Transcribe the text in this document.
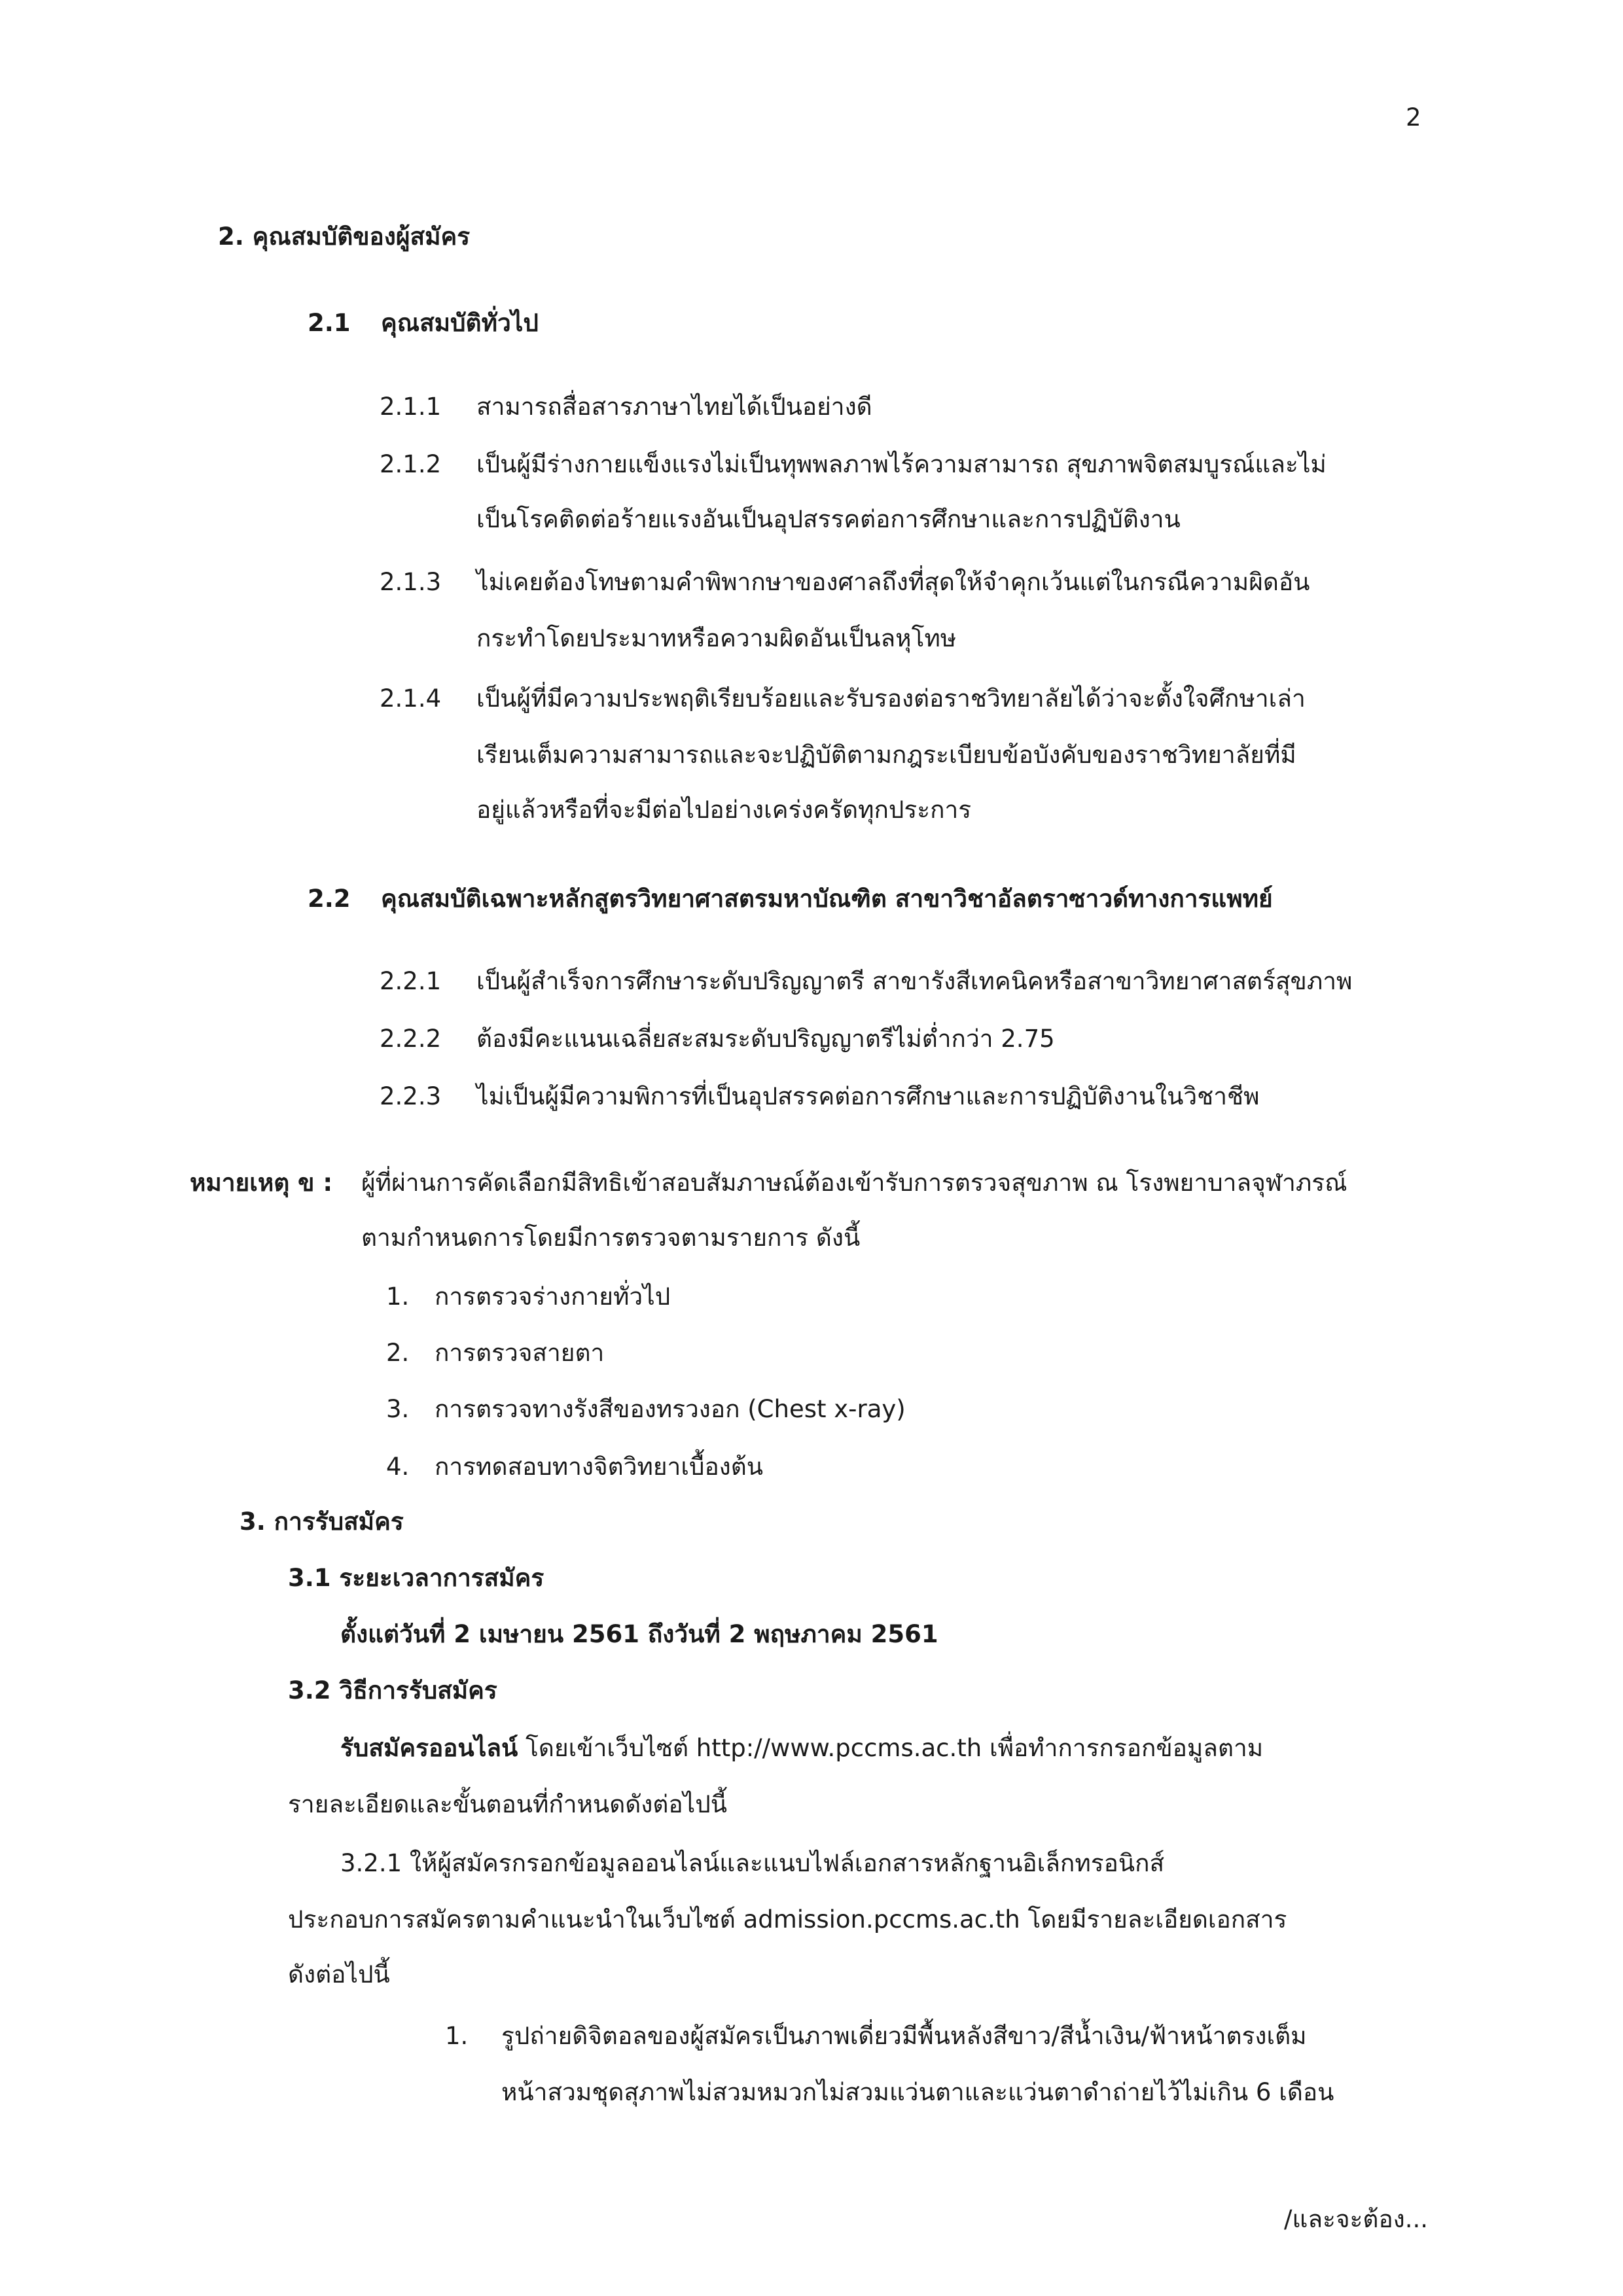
2
2. คุณสมบัติของผู้สมัคร
2.1 คุณสมบัติทั่วไป
2.1.1 สามารถสื่อสารภาษาไทยได้เป็นอย่างดี
2.1.2 เป็นผู้มีร่างกายแข็งแรงไม่เป็นทุพพลภาพไร้ความสามารถ สุขภาพจิตสมบูรณ์และไม่
เป็นโรคติดต่อร้ายแรงอันเป็นอุปสรรคต่อการศึกษาและการปฏิบัติงาน
2.1.3 ไม่เคยต้องโทษตามคำพิพากษาของศาลถึงที่สุดให้จำคุกเว้นแต่ในกรณีความผิดอัน
กระทำโดยประมาทหรือความผิดอันเป็นลหุโทษ
2.1.4 เป็นผู้ที่มีความประพฤติเรียบร้อยและรับรองต่อราชวิทยาลัยได้ว่าจะตั้งใจศึกษาเล่า
เรียนเต็มความสามารถและจะปฏิบัติตามกฎระเบียบข้อบังคับของราชวิทยาลัยที่มี
อยู่แล้วหรือที่จะมีต่อไปอย่างเคร่งครัดทุกประการ
2.2 คุณสมบัติเฉพาะหลักสูตรวิทยาศาสตรมหาบัณฑิต สาขาวิชาอัลตราซาวด์ทางการแพทย์
2.2.1 เป็นผู้สำเร็จการศึกษาระดับปริญญาตรี สาขารังสีเทคนิคหรือสาขาวิทยาศาสตร์สุขภาพ
2.2.2 ต้องมีคะแนนเฉลี่ยสะสมระดับปริญญาตรีไม่ต่ำกว่า 2.75
2.2.3 ไม่เป็นผู้มีความพิการที่เป็นอุปสรรคต่อการศึกษาและการปฏิบัติงานในวิชาชีพ
หมายเหตุ ข : ผู้ที่ผ่านการคัดเลือกมีสิทธิเข้าสอบสัมภาษณ์ต้องเข้ารับการตรวจสุขภาพ ณ โรงพยาบาลจุฬาภรณ์
ตามกำหนดการโดยมีการตรวจตามรายการ ดังนี้
1. การตรวจร่างกายทั่วไป
2. การตรวจสายตา
3. การตรวจทางรังสีของทรวงอก (Chest x-ray)
4. การทดสอบทางจิตวิทยาเบื้องต้น
3. การรับสมัคร
3.1 ระยะเวลาการสมัคร
ตั้งแต่วันที่ 2 เมษายน 2561 ถึงวันที่ 2 พฤษภาคม 2561
3.2 วิธีการรับสมัคร
รับสมัครออนไลน์ โดยเข้าเว็บไซต์ http://www.pccms.ac.th เพื่อทำการกรอกข้อมูลตาม
รายละเอียดและขั้นตอนที่กำหนดดังต่อไปนี้
3.2.1 ให้ผู้สมัครกรอกข้อมูลออนไลน์และแนบไฟล์เอกสารหลักฐานอิเล็กทรอนิกส์
ประกอบการสมัครตามคำแนะนำในเว็บไซต์ admission.pccms.ac.th โดยมีรายละเอียดเอกสาร
ดังต่อไปนี้
1. รูปถ่ายดิจิตอลของผู้สมัครเป็นภาพเดี่ยวมีพื้นหลังสีขาว/สีน้ำเงิน/ฟ้าหน้าตรงเต็ม
หน้าสวมชุดสุภาพไม่สวมหมวกไม่สวมแว่นตาและแว่นตาดำถ่ายไว้ไม่เกิน 6 เดือน
/และจะต้อง...
